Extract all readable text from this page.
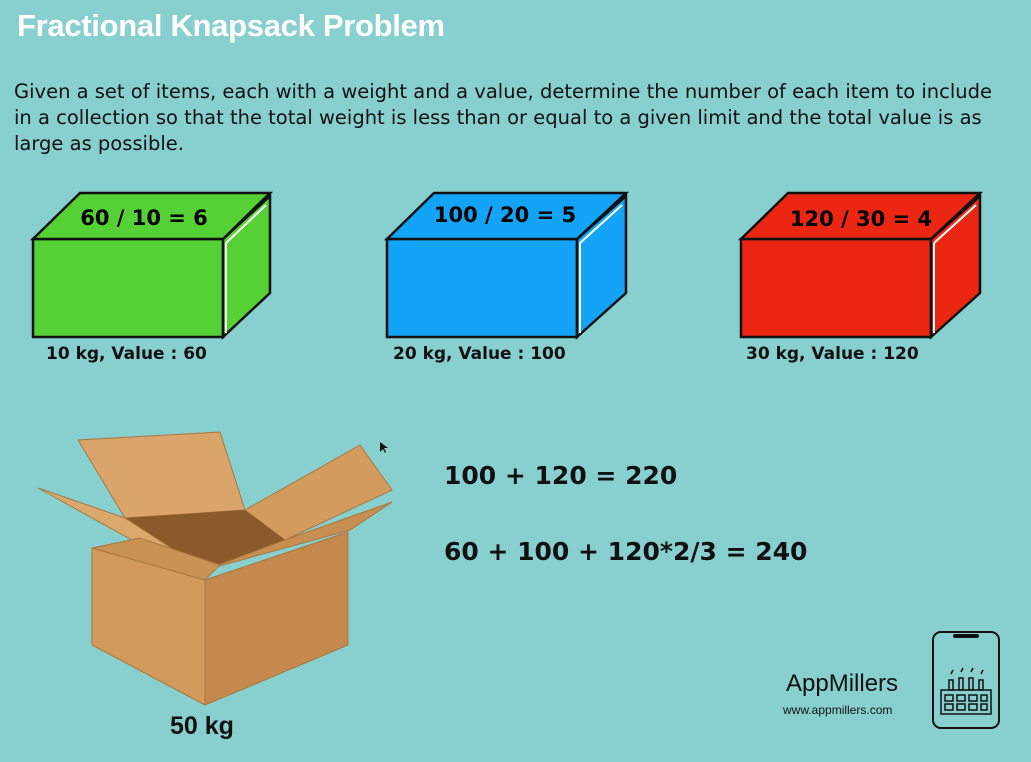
Fractional Knapsack Problem
Given a set of items, each with a weight and a value, determine the number of each item to include in a collection so that the total weight is less than or equal to a given limit and the total value is as large as possible.
60 / 10 = 6	100 / 20 = 5	120 / 30 = 4
10 kg, Value : 60	20 kg, Value : 100	30 kg, Value : 120
50 kg
100 + 120 = 220
60 + 100 + 120*2/3 = 240
AppMillers
www.appmillers.com
